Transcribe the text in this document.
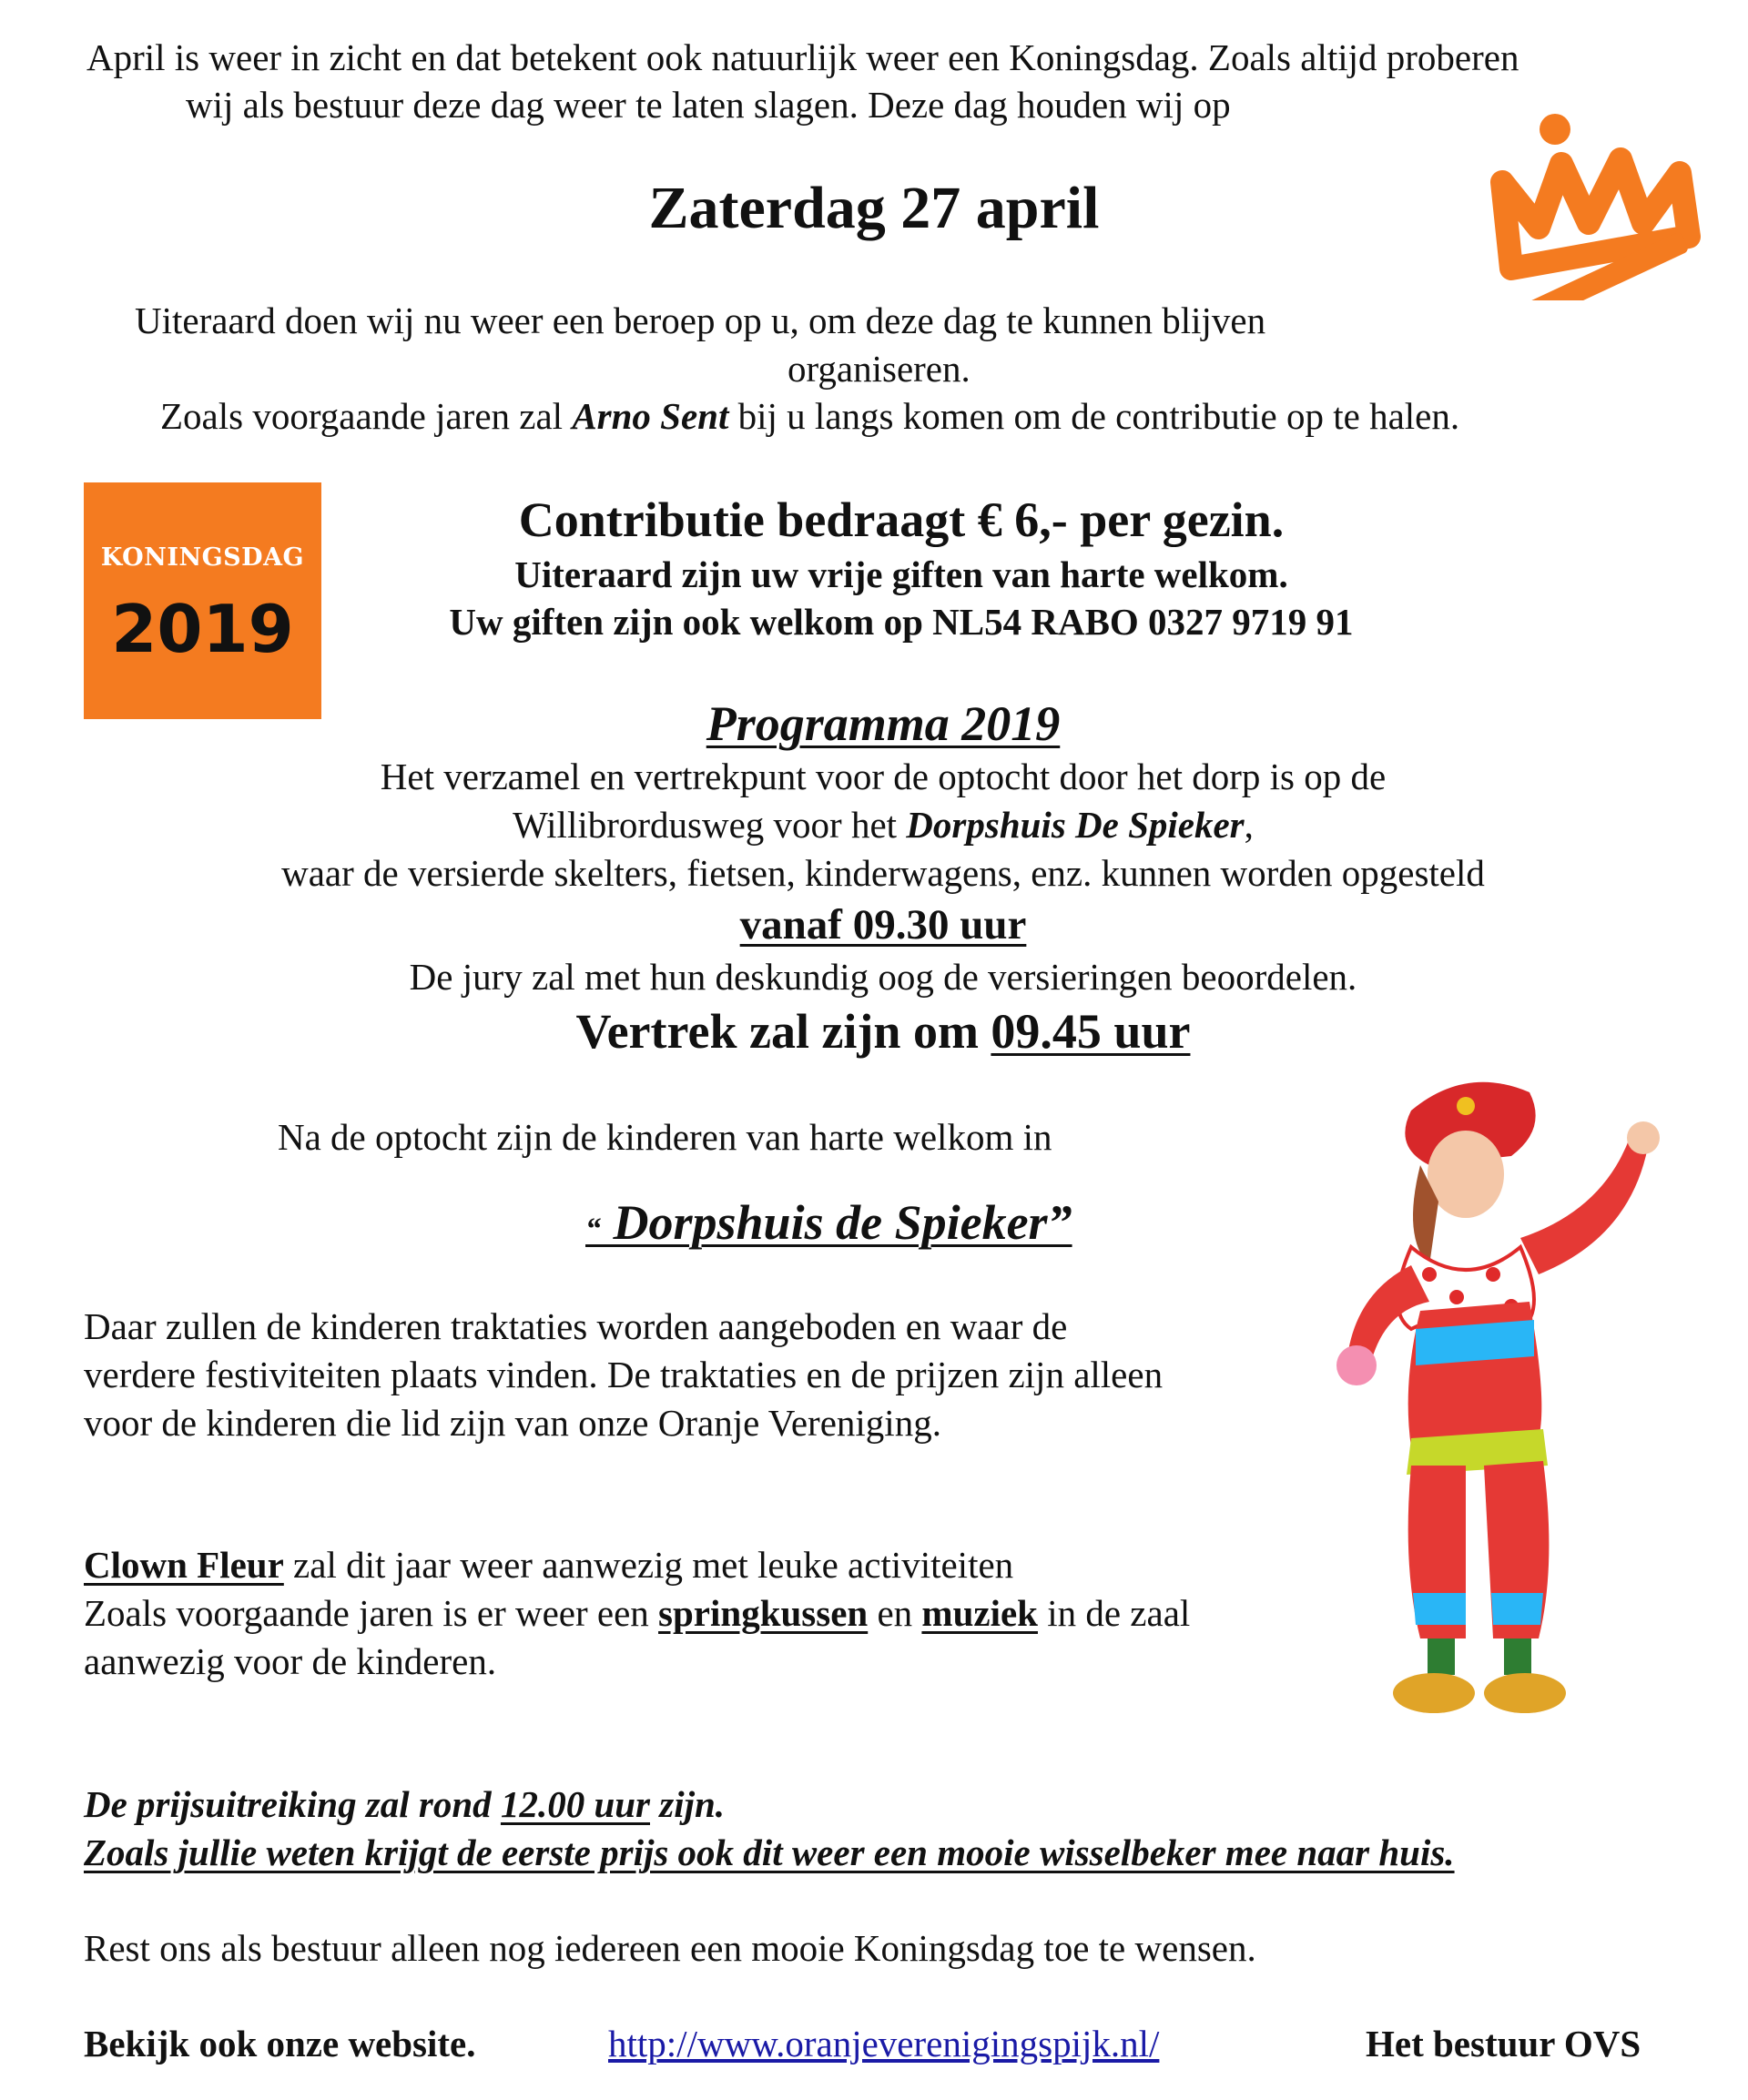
April is weer in zicht en dat betekent ook natuurlijk weer een Koningsdag. Zoals altijd proberen
wij als bestuur deze dag weer te laten slagen. Deze dag houden wij op
Zaterdag 27 april
Uiteraard doen wij nu weer een beroep op u, om deze dag te kunnen blijven
organiseren.
Zoals voorgaande jaren zal Arno Sent bij u langs komen om de contributie op te halen.
KONINGSDAG
2019
Contributie bedraagt € 6,- per gezin.
Uiteraard zijn uw vrije giften van harte welkom.
Uw giften zijn ook welkom op NL54 RABO 0327 9719 91
Programma 2019
Het verzamel en vertrekpunt voor de optocht door het dorp is op de
Willibrordusweg voor het Dorpshuis De Spieker,
waar de versierde skelters, fietsen, kinderwagens, enz. kunnen worden opgesteld
vanaf 09.30 uur
De jury zal met hun deskundig oog de versieringen beoordelen.
Vertrek zal zijn om 09.45 uur
Na de optocht zijn de kinderen van harte welkom in
“ Dorpshuis de Spieker”
Daar zullen de kinderen traktaties worden aangeboden en waar de
verdere festiviteiten plaats vinden. De traktaties en de prijzen zijn alleen
voor de kinderen die lid zijn van onze Oranje Vereniging.
Clown Fleur zal dit jaar weer aanwezig met leuke activiteiten
Zoals voorgaande jaren is er weer een springkussen en muziek in de zaal
aanwezig voor de kinderen.
De prijsuitreiking zal rond 12.00 uur zijn.
Zoals jullie weten krijgt de eerste prijs ook dit weer een mooie wisselbeker mee naar huis.
Rest ons als bestuur alleen nog iedereen een mooie Koningsdag toe te wensen.
Bekijk ook onze website.	http://www.oranjeverenigingspijk.nl/	Het bestuur OVS
